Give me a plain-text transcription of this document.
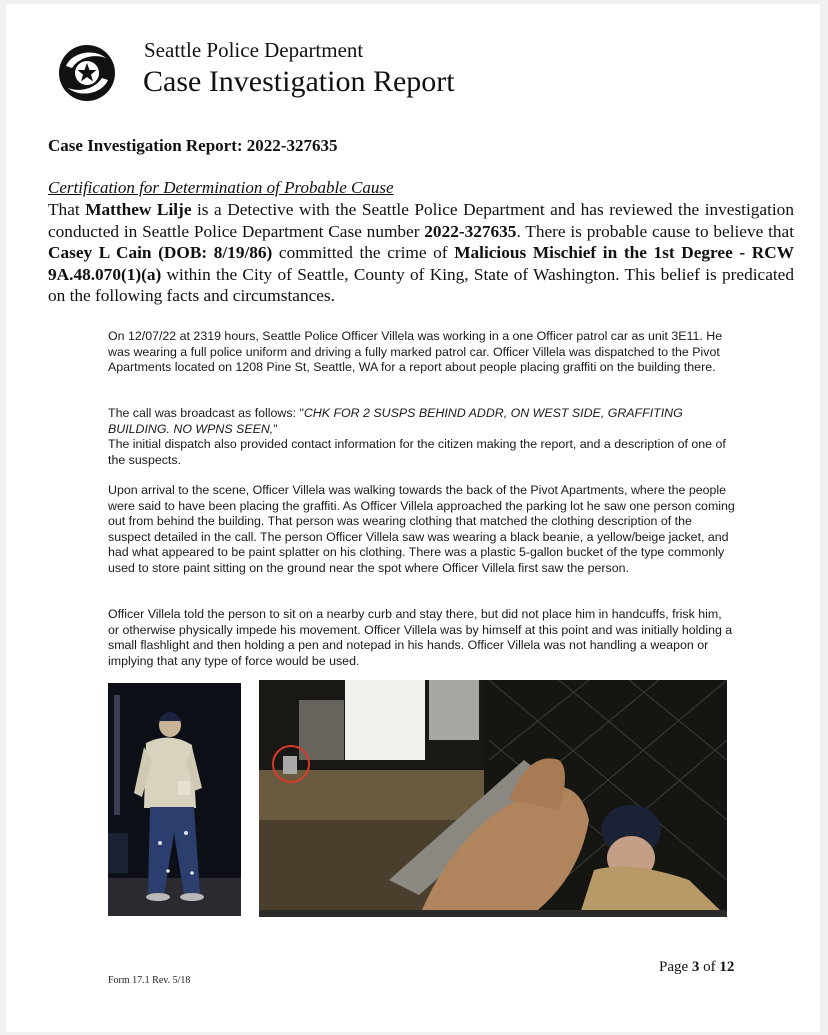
Seattle Police Department
Case Investigation Report
Case Investigation Report: 2022-327635
Certification for Determination of Probable Cause
That Matthew Lilje is a Detective with the Seattle Police Department and has reviewed the investigation conducted in Seattle Police Department Case number 2022-327635. There is probable cause to believe that Casey L Cain (DOB: 8/19/86) committed the crime of Malicious Mischief in the 1st Degree - RCW 9A.48.070(1)(a) within the City of Seattle, County of King, State of Washington. This belief is predicated on the following facts and circumstances.
On 12/07/22 at 2319 hours, Seattle Police Officer Villela was working in a one Officer patrol car as unit 3E11. He was wearing a full police uniform and driving a fully marked patrol car. Officer Villela was dispatched to the Pivot Apartments located on 1208 Pine St, Seattle, WA for a report about people placing graffiti on the building there.
The call was broadcast as follows: "CHK FOR 2 SUSPS BEHIND ADDR, ON WEST SIDE, GRAFFITING BUILDING. NO WPNS SEEN,"
The initial dispatch also provided contact information for the citizen making the report, and a description of one of the suspects.
Upon arrival to the scene, Officer Villela was walking towards the back of the Pivot Apartments, where the people were said to have been placing the graffiti. As Officer Villela approached the parking lot he saw one person coming out from behind the building. That person was wearing clothing that matched the clothing description of the suspect detailed in the call. The person Officer Villela saw was wearing a black beanie, a yellow/beige jacket, and had what appeared to be paint splatter on his clothing. There was a plastic 5-gallon bucket of the type commonly used to store paint sitting on the ground near the spot where Officer Villela first saw the person.
Officer Villela told the person to sit on a nearby curb and stay there, but did not place him in handcuffs, frisk him, or otherwise physically impede his movement. Officer Villela was by himself at this point and was initially holding a small flashlight and then holding a pen and notepad in his hands. Officer Villela was not handling a weapon or implying that any type of force would be used.
Form 17.1 Rev. 5/18
Page 3 of 12
